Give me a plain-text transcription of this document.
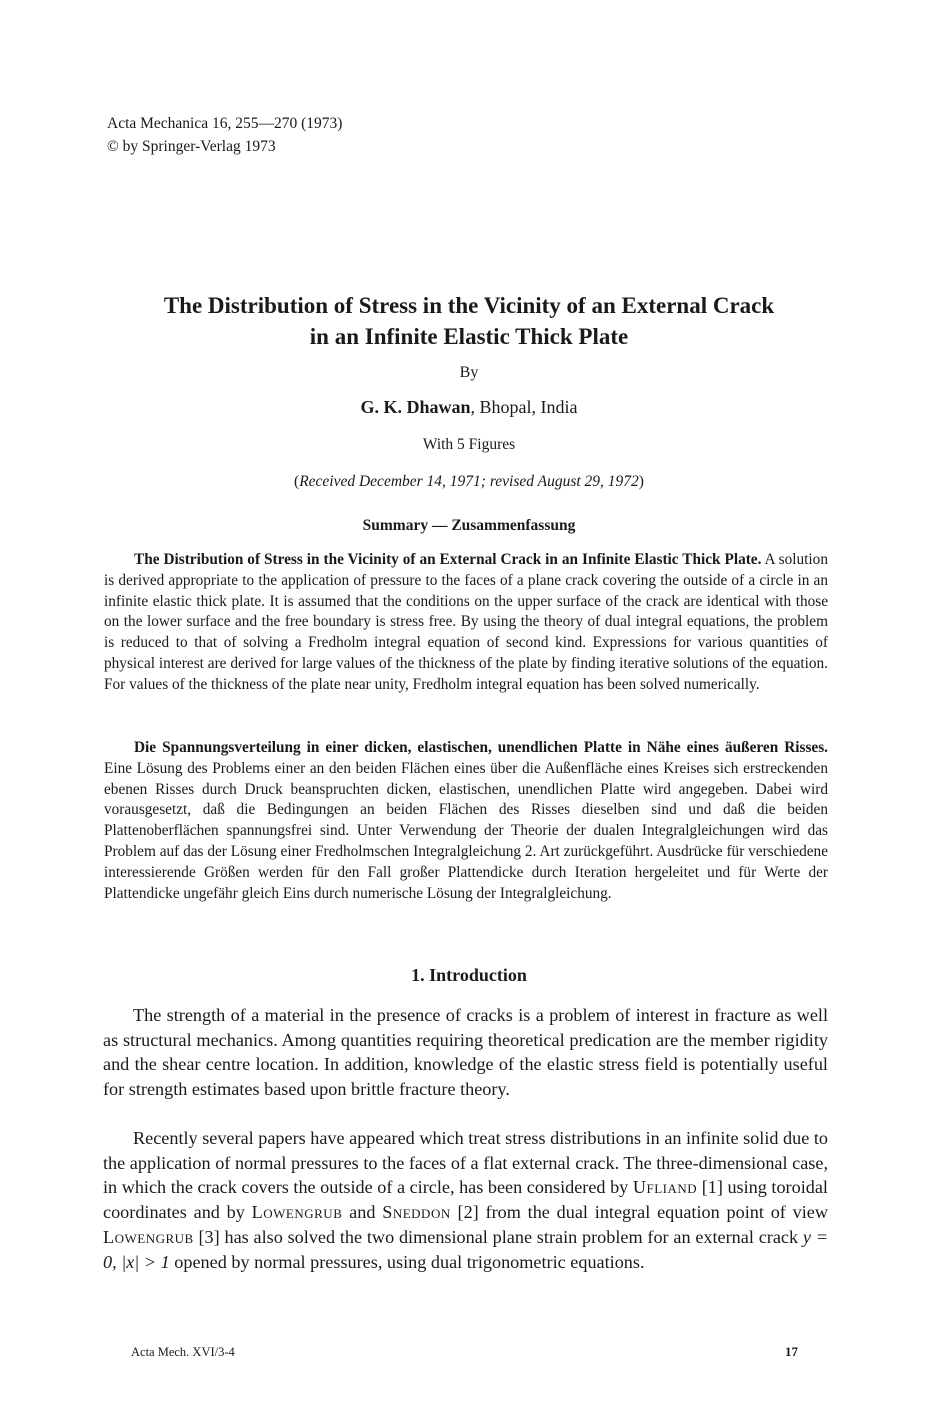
Acta Mechanica 16, 255—270 (1973)
© by Springer-Verlag 1973
The Distribution of Stress in the Vicinity of an External Crack
in an Infinite Elastic Thick Plate
By
G. K. Dhawan, Bhopal, India
With 5 Figures
(Received December 14, 1971; revised August 29, 1972)
Summary — Zusammenfassung
The Distribution of Stress in the Vicinity of an External Crack in an Infinite Elastic Thick Plate. A solution is derived appropriate to the application of pressure to the faces of a plane crack covering the outside of a circle in an infinite elastic thick plate. It is assumed that the conditions on the upper surface of the crack are identical with those on the lower surface and the free boundary is stress free. By using the theory of dual integral equations, the problem is reduced to that of solving a Fredholm integral equation of second kind. Expressions for various quantities of physical interest are derived for large values of the thickness of the plate by finding iterative solutions of the equation. For values of the thickness of the plate near unity, Fredholm integral equation has been solved numerically.
Die Spannungsverteilung in einer dicken, elastischen, unendlichen Platte in Nähe eines äußeren Risses. Eine Lösung des Problems einer an den beiden Flächen eines über die Außenfläche eines Kreises sich erstreckenden ebenen Risses durch Druck beanspruchten dicken, elastischen, unendlichen Platte wird angegeben. Dabei wird vorausgesetzt, daß die Bedingungen an beiden Flächen des Risses dieselben sind und daß die beiden Plattenoberflächen spannungsfrei sind. Unter Verwendung der Theorie der dualen Integralgleichungen wird das Problem auf das der Lösung einer Fredholmschen Integralgleichung 2. Art zurückgeführt. Ausdrücke für verschiedene interessierende Größen werden für den Fall großer Plattendicke durch Iteration hergeleitet und für Werte der Plattendicke ungefähr gleich Eins durch numerische Lösung der Integralgleichung.
1. Introduction
The strength of a material in the presence of cracks is a problem of interest in fracture as well as structural mechanics. Among quantities requiring theoretical predication are the member rigidity and the shear centre location. In addition, knowledge of the elastic stress field is potentially useful for strength estimates based upon brittle fracture theory.
Recently several papers have appeared which treat stress distributions in an infinite solid due to the application of normal pressures to the faces of a flat external crack. The three-dimensional case, in which the crack covers the outside of a circle, has been considered by Ufliand [1] using toroidal coordinates and by Lowengrub and Sneddon [2] from the dual integral equation point of view Lowengrub [3] has also solved the two dimensional plane strain problem for an external crack y = 0, |x| > 1 opened by normal pressures, using dual trigonometric equations.
Acta Mech. XVI/3-4	17
